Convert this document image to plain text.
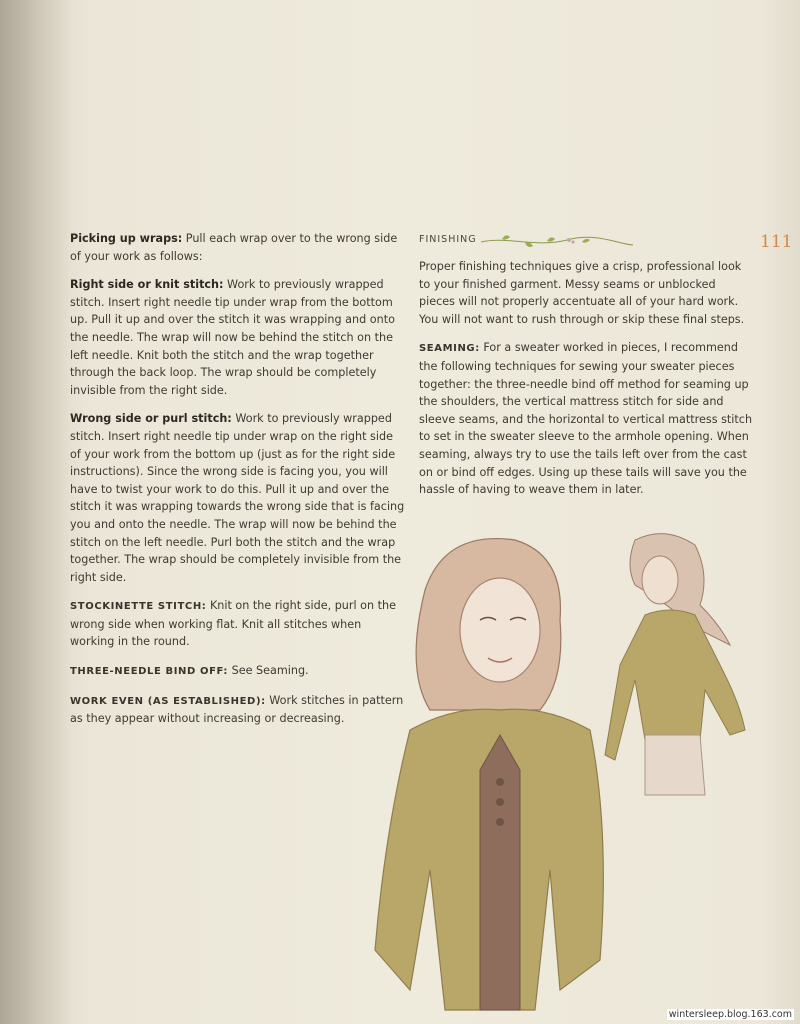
111

Picking up wraps: Pull each wrap over to the wrong side of your work as follows:

Right side or knit stitch: Work to previously wrapped stitch. Insert right needle tip under wrap from the bottom up. Pull it up and over the stitch it was wrapping and onto the needle. The wrap will now be behind the stitch on the left needle. Knit both the stitch and the wrap together through the back loop. The wrap should be completely invisible from the right side.

Wrong side or purl stitch: Work to previously wrapped stitch. Insert right needle tip under wrap on the right side of your work from the bottom up (just as for the right side instructions). Since the wrong side is facing you, you will have to twist your work to do this. Pull it up and over the stitch it was wrapping towards the wrong side that is facing you and onto the needle. The wrap will now be behind the stitch on the left needle. Purl both the stitch and the wrap together. The wrap should be completely invisible from the right side.

STOCKINETTE STITCH: Knit on the right side, purl on the wrong side when working flat. Knit all stitches when working in the round.

THREE-NEEDLE BIND OFF: See Seaming.

WORK EVEN (AS ESTABLISHED): Work stitches in pattern as they appear without increasing or decreasing.

FINISHING

Proper finishing techniques give a crisp, professional look to your finished garment. Messy seams or unblocked pieces will not properly accentuate all of your hard work. You will not want to rush through or skip these final steps.

SEAMING: For a sweater worked in pieces, I recommend the following techniques for sewing your sweater pieces together: the three-needle bind off method for seaming up the shoulders, the vertical mattress stitch for side and sleeve seams, and the horizontal to vertical mattress stitch to set in the sweater sleeve to the armhole opening. When seaming, always try to use the tails left over from the cast on or bind off edges. Using up these tails will save you the hassle of having to weave them in later.

wintersleep.blog.163.com
